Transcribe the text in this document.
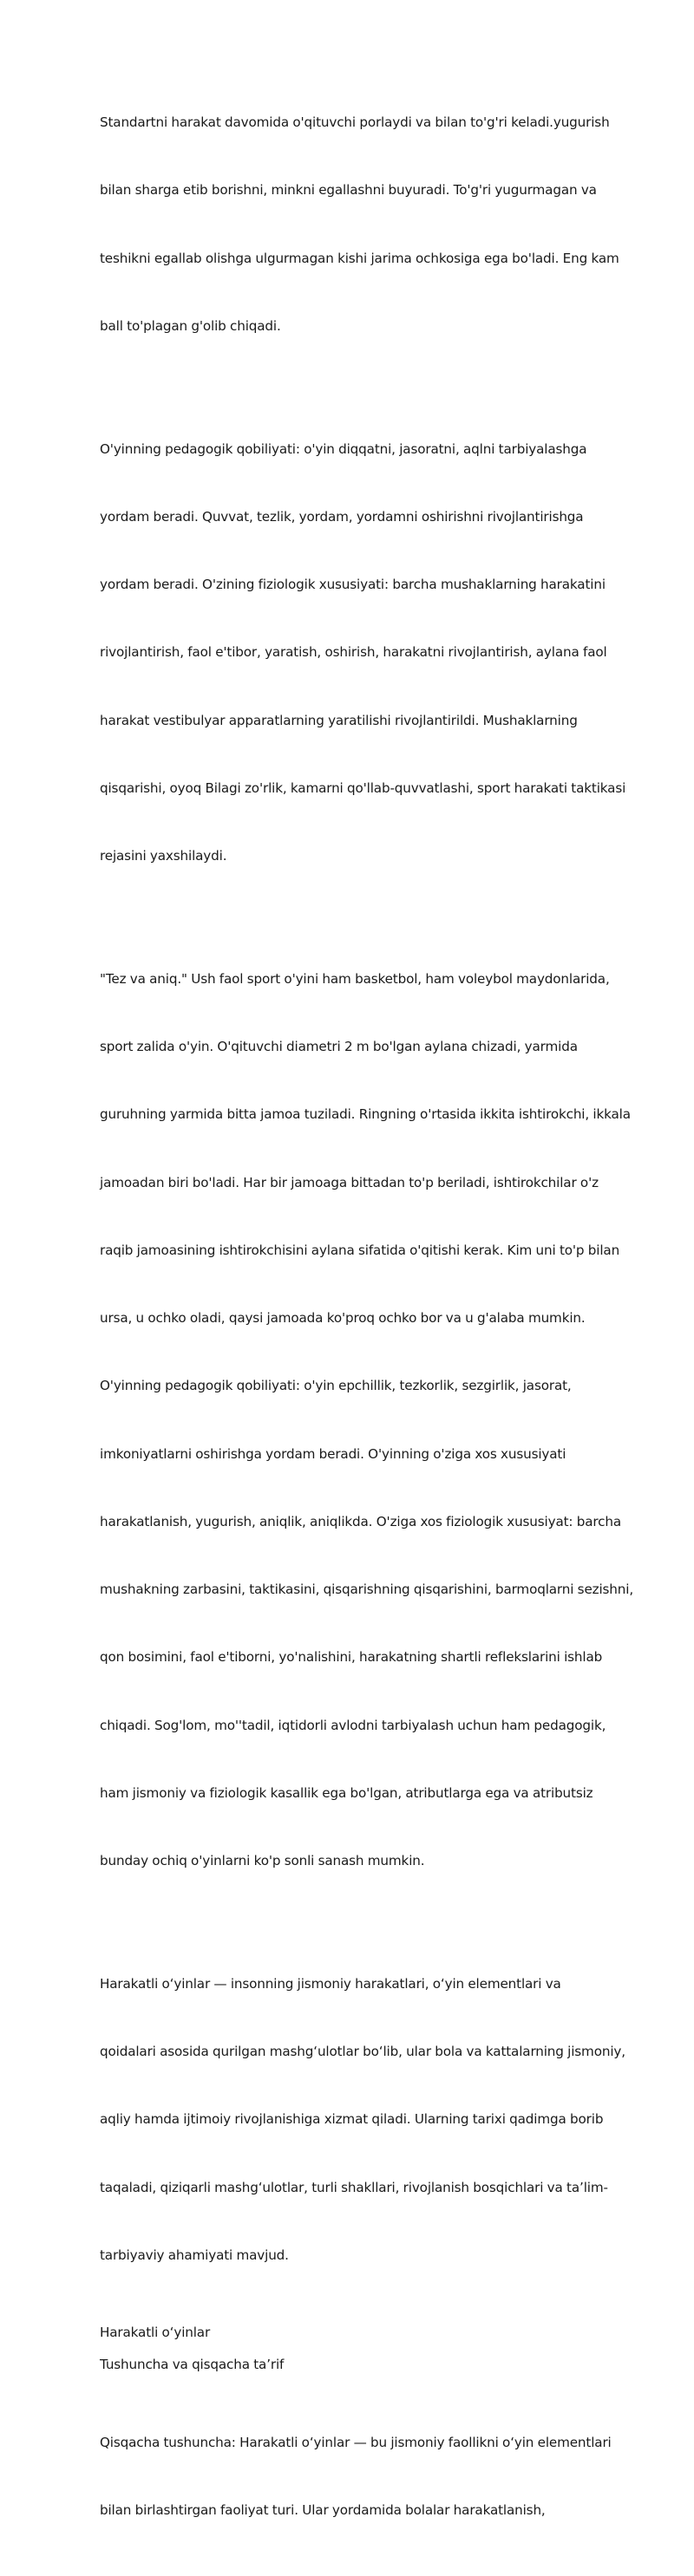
Standartni harakat davomida o'qituvchi porlaydi va bilan to'g'ri keladi.yugurish

bilan sharga etib borishni, minkni egallashni buyuradi. To'g'ri yugurmagan va

teshikni egallab olishga ulgurmagan kishi jarima ochkosiga ega bo'ladi. Eng kam

ball to'plagan g'olib chiqadi.

O'yinning pedagogik qobiliyati: o'yin diqqatni, jasoratni, aqlni tarbiyalashga

yordam beradi. Quvvat, tezlik, yordam, yordamni oshirishni rivojlantirishga

yordam beradi. O'zining fiziologik xususiyati: barcha mushaklarning harakatini

rivojlantirish, faol e'tibor, yaratish, oshirish, harakatni rivojlantirish, aylana faol

harakat vestibulyar apparatlarning yaratilishi rivojlantirildi. Mushaklarning

qisqarishi, oyoq Bilagi zo'rlik, kamarni qo'llab-quvvatlashi, sport harakati taktikasi

rejasini yaxshilaydi.

"Tez va aniq." Ush faol sport o'yini ham basketbol, ham voleybol maydonlarida,

sport zalida o'yin. O'qituvchi diametri 2 m bo'lgan aylana chizadi, yarmida

guruhning yarmida bitta jamoa tuziladi. Ringning o'rtasida ikkita ishtirokchi, ikkala

jamoadan biri bo'ladi. Har bir jamoaga bittadan to'p beriladi, ishtirokchilar o'z

raqib jamoasining ishtirokchisini aylana sifatida o'qitishi kerak. Kim uni to'p bilan

ursa, u ochko oladi, qaysi jamoada ko'proq ochko bor va u g'alaba mumkin.

O'yinning pedagogik qobiliyati: o'yin epchillik, tezkorlik, sezgirlik, jasorat,

imkoniyatlarni oshirishga yordam beradi. O'yinning o'ziga xos xususiyati

harakatlanish, yugurish, aniqlik, aniqlikda. O'ziga xos fiziologik xususiyat: barcha

mushakning zarbasini, taktikasini, qisqarishning qisqarishini, barmoqlarni sezishni,

qon bosimini, faol e'tiborni, yo'nalishini, harakatning shartli reflekslarini ishlab

chiqadi. Sog'lom, mo''tadil, iqtidorli avlodni tarbiyalash uchun ham pedagogik,

ham jismoniy va fiziologik kasallik ega bo'lgan, atributlarga ega va atributsiz

bunday ochiq o'yinlarni ko'p sonli sanash mumkin.

Harakatli oʻyinlar — insonning jismoniy harakatlari, oʻyin elementlari va

qoidalari asosida qurilgan mashgʻulotlar boʻlib, ular bola va kattalarning jismoniy,

aqliy hamda ijtimoiy rivojlanishiga xizmat qiladi. Ularning tarixi qadimga borib

taqaladi, qiziqarli mashgʻulotlar, turli shakllari, rivojlanish bosqichlari va taʼlim-

tarbiyaviy ahamiyati mavjud.

Harakatli oʻyinlar
Tushuncha va qisqacha taʼrif

Qisqacha tushuncha: Harakatli oʻyinlar — bu jismoniy faollikni oʻyin elementlari

bilan birlashtirgan faoliyat turi. Ular yordamida bolalar harakatlanish,
